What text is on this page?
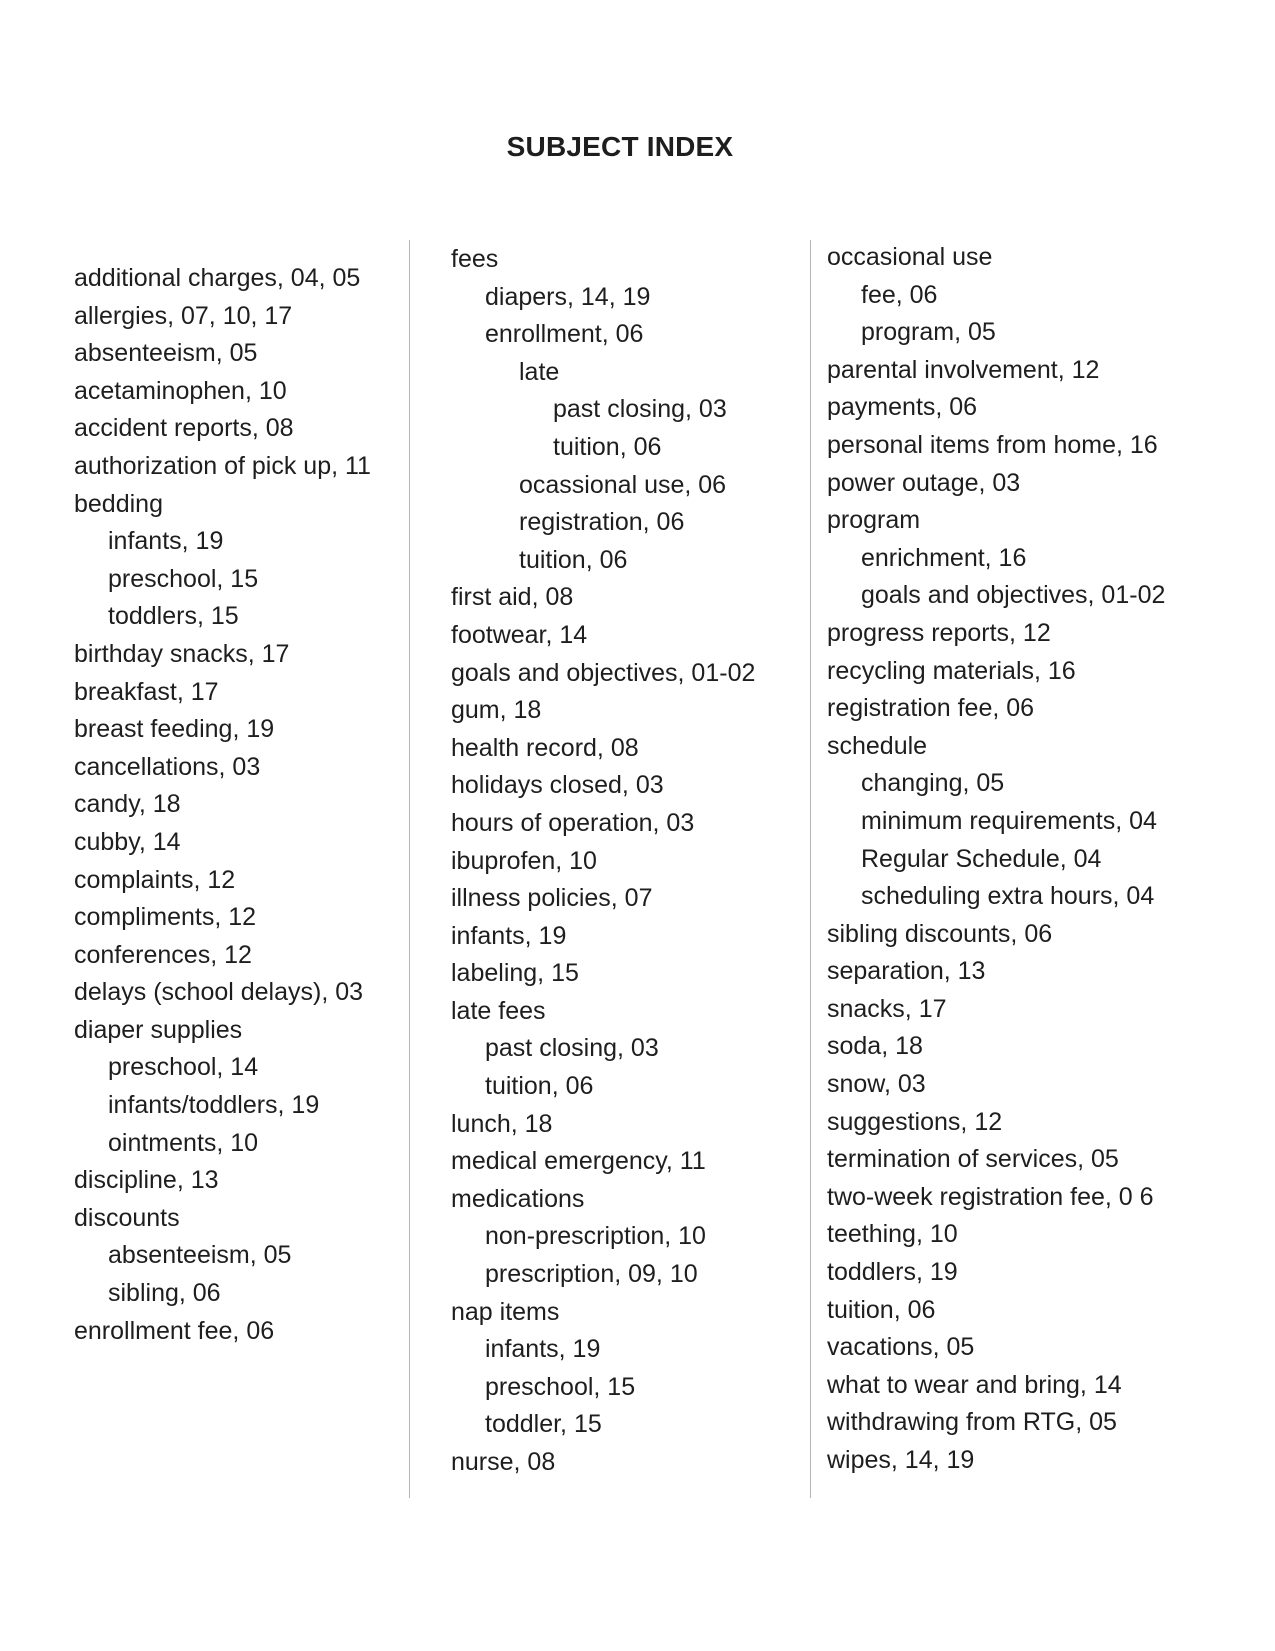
SUBJECT INDEX
additional charges, 04, 05
allergies, 07, 10, 17
absenteeism, 05
acetaminophen, 10
accident reports, 08
authorization of pick up, 11
bedding
infants, 19
preschool, 15
toddlers, 15
birthday snacks, 17
breakfast, 17
breast feeding, 19
cancellations, 03
candy, 18
cubby, 14
complaints, 12
compliments, 12
conferences, 12
delays (school delays), 03
diaper supplies
preschool, 14
infants/toddlers, 19
ointments, 10
discipline, 13
discounts
absenteeism, 05
sibling, 06
enrollment fee, 06
fees
diapers, 14, 19
enrollment, 06
late
past closing, 03
tuition, 06
ocassional use, 06
registration, 06
tuition, 06
first aid, 08
footwear, 14
goals and objectives, 01-02
gum, 18
health record, 08
holidays closed, 03
hours of operation, 03
ibuprofen, 10
illness policies, 07
infants, 19
labeling, 15
late fees
past closing, 03
tuition, 06
lunch, 18
medical emergency, 11
medications
non-prescription, 10
prescription, 09, 10
nap items
infants, 19
preschool, 15
toddler, 15
nurse, 08
occasional use
fee, 06
program, 05
parental involvement, 12
payments, 06
personal items from home, 16
power outage, 03
program
enrichment, 16
goals and objectives, 01-02
progress reports, 12
recycling materials, 16
registration fee, 06
schedule
changing, 05
minimum requirements, 04
Regular Schedule, 04
scheduling extra hours, 04
sibling discounts, 06
separation, 13
snacks, 17
soda, 18
snow, 03
suggestions, 12
termination of services, 05
two-week registration fee, 0 6
teething, 10
toddlers, 19
tuition, 06
vacations, 05
what to wear and bring, 14
withdrawing from RTG, 05
wipes, 14, 19
